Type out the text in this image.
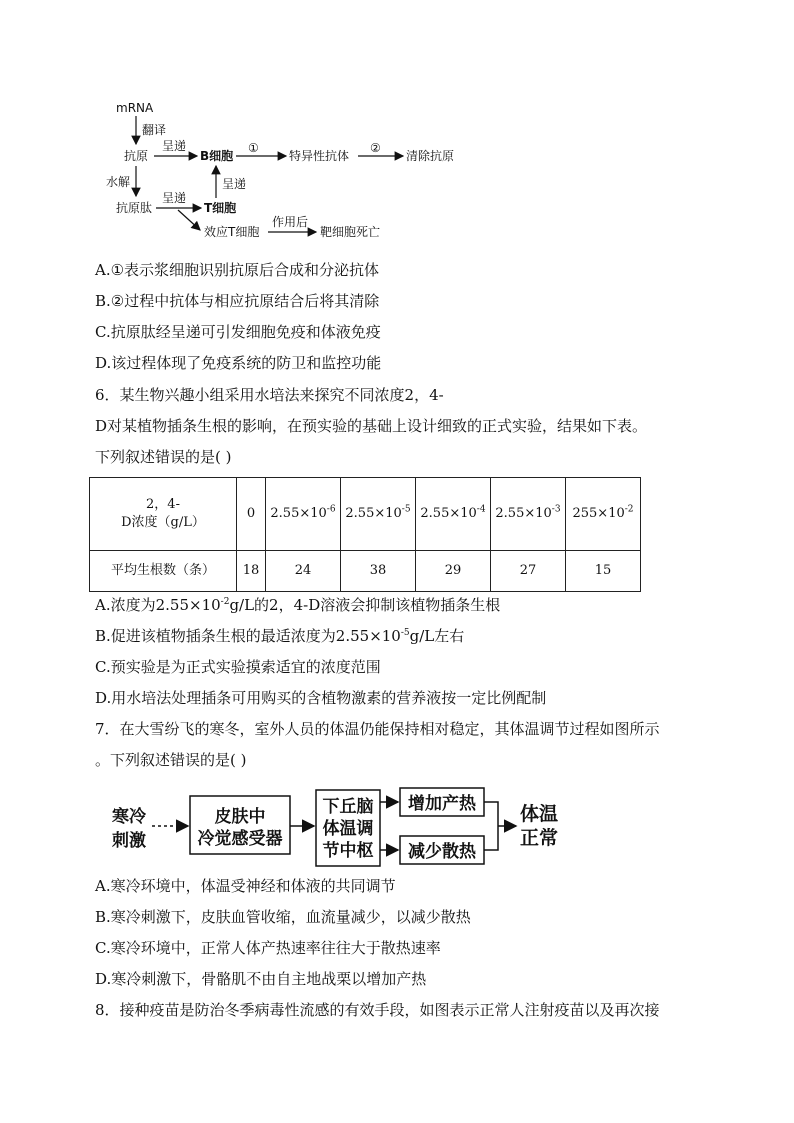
mRNA
翻译
抗原
呈递
B细胞
①
特异性抗体
②
清除抗原
水解	呈递
抗原肽
呈递
T细胞
效应T细胞
作用后
靶细胞死亡
A.①表示浆细胞识别抗原后合成和分泌抗体
B.②过程中抗体与相应抗原结合后将其清除
C.抗原肽经呈递可引发细胞免疫和体液免疫
D.该过程体现了免疫系统的防卫和监控功能
6．某生物兴趣小组采用水培法来探究不同浓度2，4-
D对某植物插条生根的影响，在预实验的基础上设计细致的正式实验，结果如下表。
下列叙述错误的是( )
2，4-
D浓度（g/L）	0	$2.55\times 10^{-6}$	$2.55\times 10^{-5}$	$2.55\times 10^{-4}$	$2.55\times 10^{-3}$	$255\times 10^{-2}$
平均生根数（条）	18	24	38	29	27	15
A.浓度为$2.55\times 10^{-2}g/L$的2，4-D溶液会抑制该植物插条生根
B.促进该植物插条生根的最适浓度为$2.55\times 10^{-5}g/L$左右
C.预实验是为正式实验摸索适宜的浓度范围
D.用水培法处理插条可用购买的含植物激素的营养液按一定比例配制
7．在大雪纷飞的寒冬，室外人员的体温仍能保持相对稳定，其体温调节过程如图所示
。下列叙述错误的是( )
寒冷
刺激
皮肤中
冷觉感受器
下丘脑
体温调
节中枢
增加产热
减少散热
体温
正常
A.寒冷环境中，体温受神经和体液的共同调节
B.寒冷刺激下，皮肤血管收缩，血流量减少，以减少散热
C.寒冷环境中，正常人体产热速率往往大于散热速率
D.寒冷刺激下，骨骼肌不由自主地战栗以增加产热
8．接种疫苗是防治冬季病毒性流感的有效手段，如图表示正常人注射疫苗以及再次接
